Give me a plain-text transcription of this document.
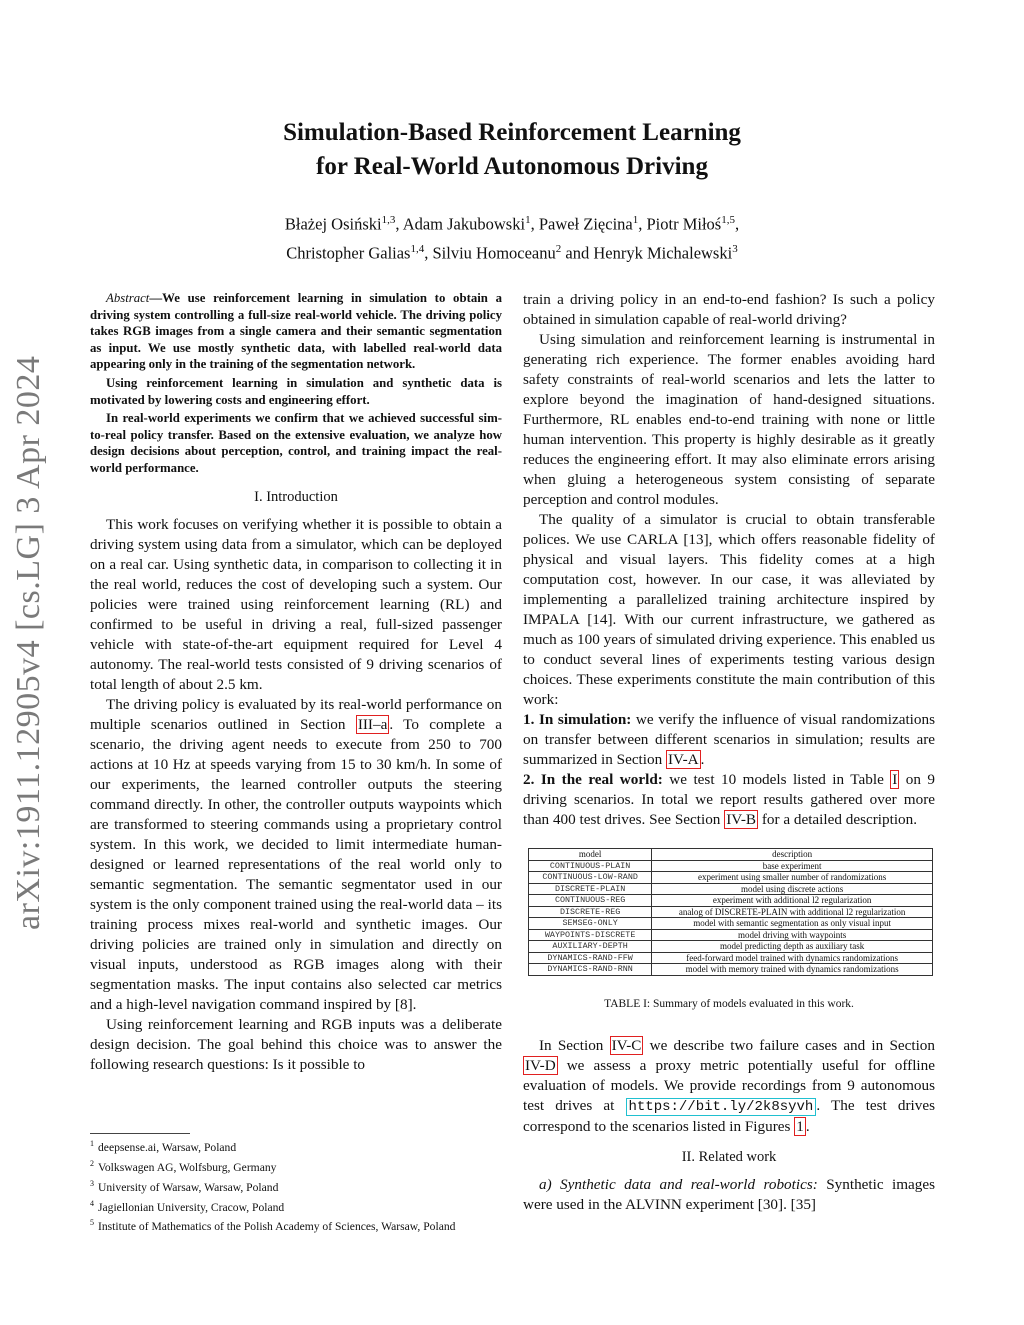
arXiv:1911.12905v4 [cs.LG] 3 Apr 2024
Simulation-Based Reinforcement Learning
for Real-World Autonomous Driving
Błażej Osiński$^{1,3}$, Adam Jakubowski$^1$, Paweł Zięcina$^1$, Piotr Miłoś$^{1,5}$,
Christopher Galias$^{1,4}$, Silviu Homoceanu$^2$ and Henryk Michalewski$^3$

Abstract—We use reinforcement learning in simulation to obtain a driving system controlling a full-size real-world vehicle. The driving policy takes RGB images from a single camera and their semantic segmentation as input. We use mostly synthetic data, with labelled real-world data appearing only in the training of the segmentation network.

Using reinforcement learning in simulation and synthetic data is motivated by lowering costs and engineering effort.

In real-world experiments we confirm that we achieved successful sim-to-real policy transfer. Based on the extensive evaluation, we analyze how design decisions about perception, control, and training impact the real-world performance.

I. Introduction

This work focuses on verifying whether it is possible to obtain a driving system using data from a simulator, which can be deployed on a real car. Using synthetic data, in comparison to collecting it in the real world, reduces the cost of developing such a system. Our policies were trained using reinforcement learning (RL) and confirmed to be useful in driving a real, full-sized passenger vehicle with state-of-the-art equipment required for Level 4 autonomy. The real-world tests consisted of 9 driving scenarios of total length of about 2.5 km.

The driving policy is evaluated by its real-world performance on multiple scenarios outlined in Section III–a . To complete a scenario, the driving agent needs to execute from 250 to 700 actions at 10 Hz at speeds varying from 15 to 30 km/h. In some of our experiments, the learned controller outputs the steering command directly. In other, the controller outputs waypoints which are transformed to steering commands using a proprietary control system. In this work, we decided to limit intermediate human-designed or learned representations of the real world only to semantic segmentation. The semantic segmentator used in our system is the only component trained using the real-world data – its training process mixes real-world and synthetic images. Our driving policies are trained only in simulation and directly on visual inputs, understood as RGB images along with their segmentation masks. The input contains also selected car metrics and a high-level navigation command inspired by [8].

Using reinforcement learning and RGB inputs was a deliberate design decision. The goal behind this choice was to answer the following research questions: Is it possible to

$^1$ deepsense.ai, Warsaw, Poland
$^2$ Volkswagen AG, Wolfsburg, Germany
$^3$ University of Warsaw, Warsaw, Poland
$^4$ Jagiellonian University, Cracow, Poland
$^5$ Institute of Mathematics of the Polish Academy of Sciences, Warsaw, Poland

train a driving policy in an end-to-end fashion? Is such a policy obtained in simulation capable of real-world driving?

Using simulation and reinforcement learning is instrumental in generating rich experience. The former enables avoiding hard safety constraints of real-world scenarios and lets the latter to explore beyond the imagination of hand-designed situations. Furthermore, RL enables end-to-end training with none or little human intervention. This property is highly desirable as it greatly reduces the engineering effort. It may also eliminate errors arising when gluing a heterogeneous system consisting of separate perception and control modules.

The quality of a simulator is crucial to obtain transferable polices. We use CARLA [13], which offers reasonable fidelity of physical and visual layers. This fidelity comes at a high computation cost, however. In our case, it was alleviated by implementing a parallelized training architecture inspired by IMPALA [14]. With our current infrastructure, we gathered as much as 100 years of simulated driving experience. This enabled us to conduct several lines of experiments testing various design choices. These experiments constitute the main contribution of this work:

1. In simulation: we verify the influence of visual randomizations on transfer between different scenarios in simulation; results are summarized in Section IV-A .

2. In the real world: we test 10 models listed in Table I on 9 driving scenarios. In total we report results gathered over more than 400 test drives. See Section IV-B for a detailed description.

model	description
CONTINUOUS-PLAIN	base experiment
CONTINUOUS-LOW-RAND	experiment using smaller number of randomizations
DISCRETE-PLAIN	model using discrete actions
CONTINUOUS-REG	experiment with additional l2 regularization
DISCRETE-REG	analog of DISCRETE-PLAIN with additional l2 regularization
SEMSEG-ONLY	model with semantic segmentation as only visual input
WAYPOINTS-DISCRETE	model driving with waypoints
AUXILIARY-DEPTH	model predicting depth as auxiliary task
DYNAMICS-RAND-FFW	feed-forward model trained with dynamics randomizations
DYNAMICS-RAND-RNN	model with memory trained with dynamics randomizations
TABLE I: Summary of models evaluated in this work.

In Section IV-C we describe two failure cases and in Section IV-D we assess a proxy metric potentially useful for offline evaluation of models. We provide recordings from 9 autonomous test drives at https://bit.ly/2k8syvh . The test drives correspond to the scenarios listed in Figures 1 .

II. Related work

a) Synthetic data and real-world robotics: Synthetic images were used in the ALVINN experiment [30]. [35]
